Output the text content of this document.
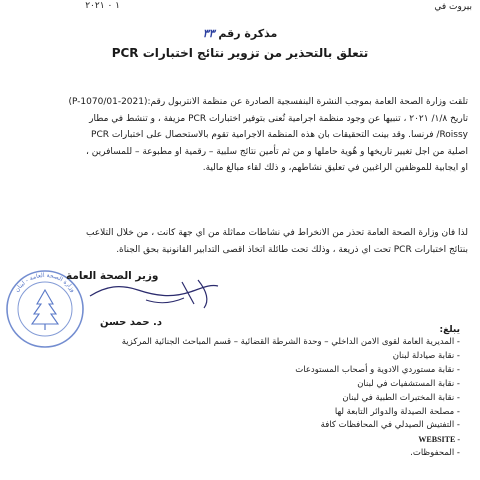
بيروت في
١ ٠ ٢٠٢١
مذكرة رقم ٣٣
تتعلق بالتحذير من تزوير نتائج اختبارات PCR
تلقت وزارة الصحة العامة بموجب النشرة البنفسجية الصادرة عن منظمة الانتربول رقم:(P-1070/01-2021)
تاريخ ١/٨/ ٢٠٢١ ، تنبيها عن وجود منظمة اجرامية تُعنى بتوفير اختبارات PCR مزيفة ، و تنشط في مطار
Roissy/ فرنسا. وقد بينت التحقيقات بان هذه المنظمة الاجرامية تقوم بالاستحصال على اختبارات PCR
اصلية من اجل تغيير تاريخها و هُوية حاملها و من ثم تأمين نتائج سلبية – رقمية او مطبوعة – للمسافرين ،
او ايجابية للموظفين الراغبين في تعليق نشاطهم، و ذلك لقاء مبالغ مالية.
لذا فان وزارة الصحة العامة تحذر من الانخراط في نشاطات مماثلة من اي جهة كانت ، من خلال التلاعب
بنتائج اختبارات PCR تحت اي ذريعة ، وذلك تحت طائلة اتخاذ اقصى التدابير القانونية بحق الجناة.
وزارة الصحة العامة - لبنان
وزير الصحة العامة
د. حمد حسن
يبلغ:
- المديرية العامة لقوى الامن الداخلي – وحدة الشرطة القضائية – قسم المباحث الجنائية المركزية
- نقابة صيادلة لبنان
- نقابة مستوردي الادوية و أصحاب المستودعات
- نقابة المستشفيات في لبنان
- نقابة المختبرات الطبية في لبنان
- مصلحة الصيدلة والدوائر التابعة لها
- التفتيش الصيدلي في المحافظات كافة
- WEBSITE
- المحفوظات.
